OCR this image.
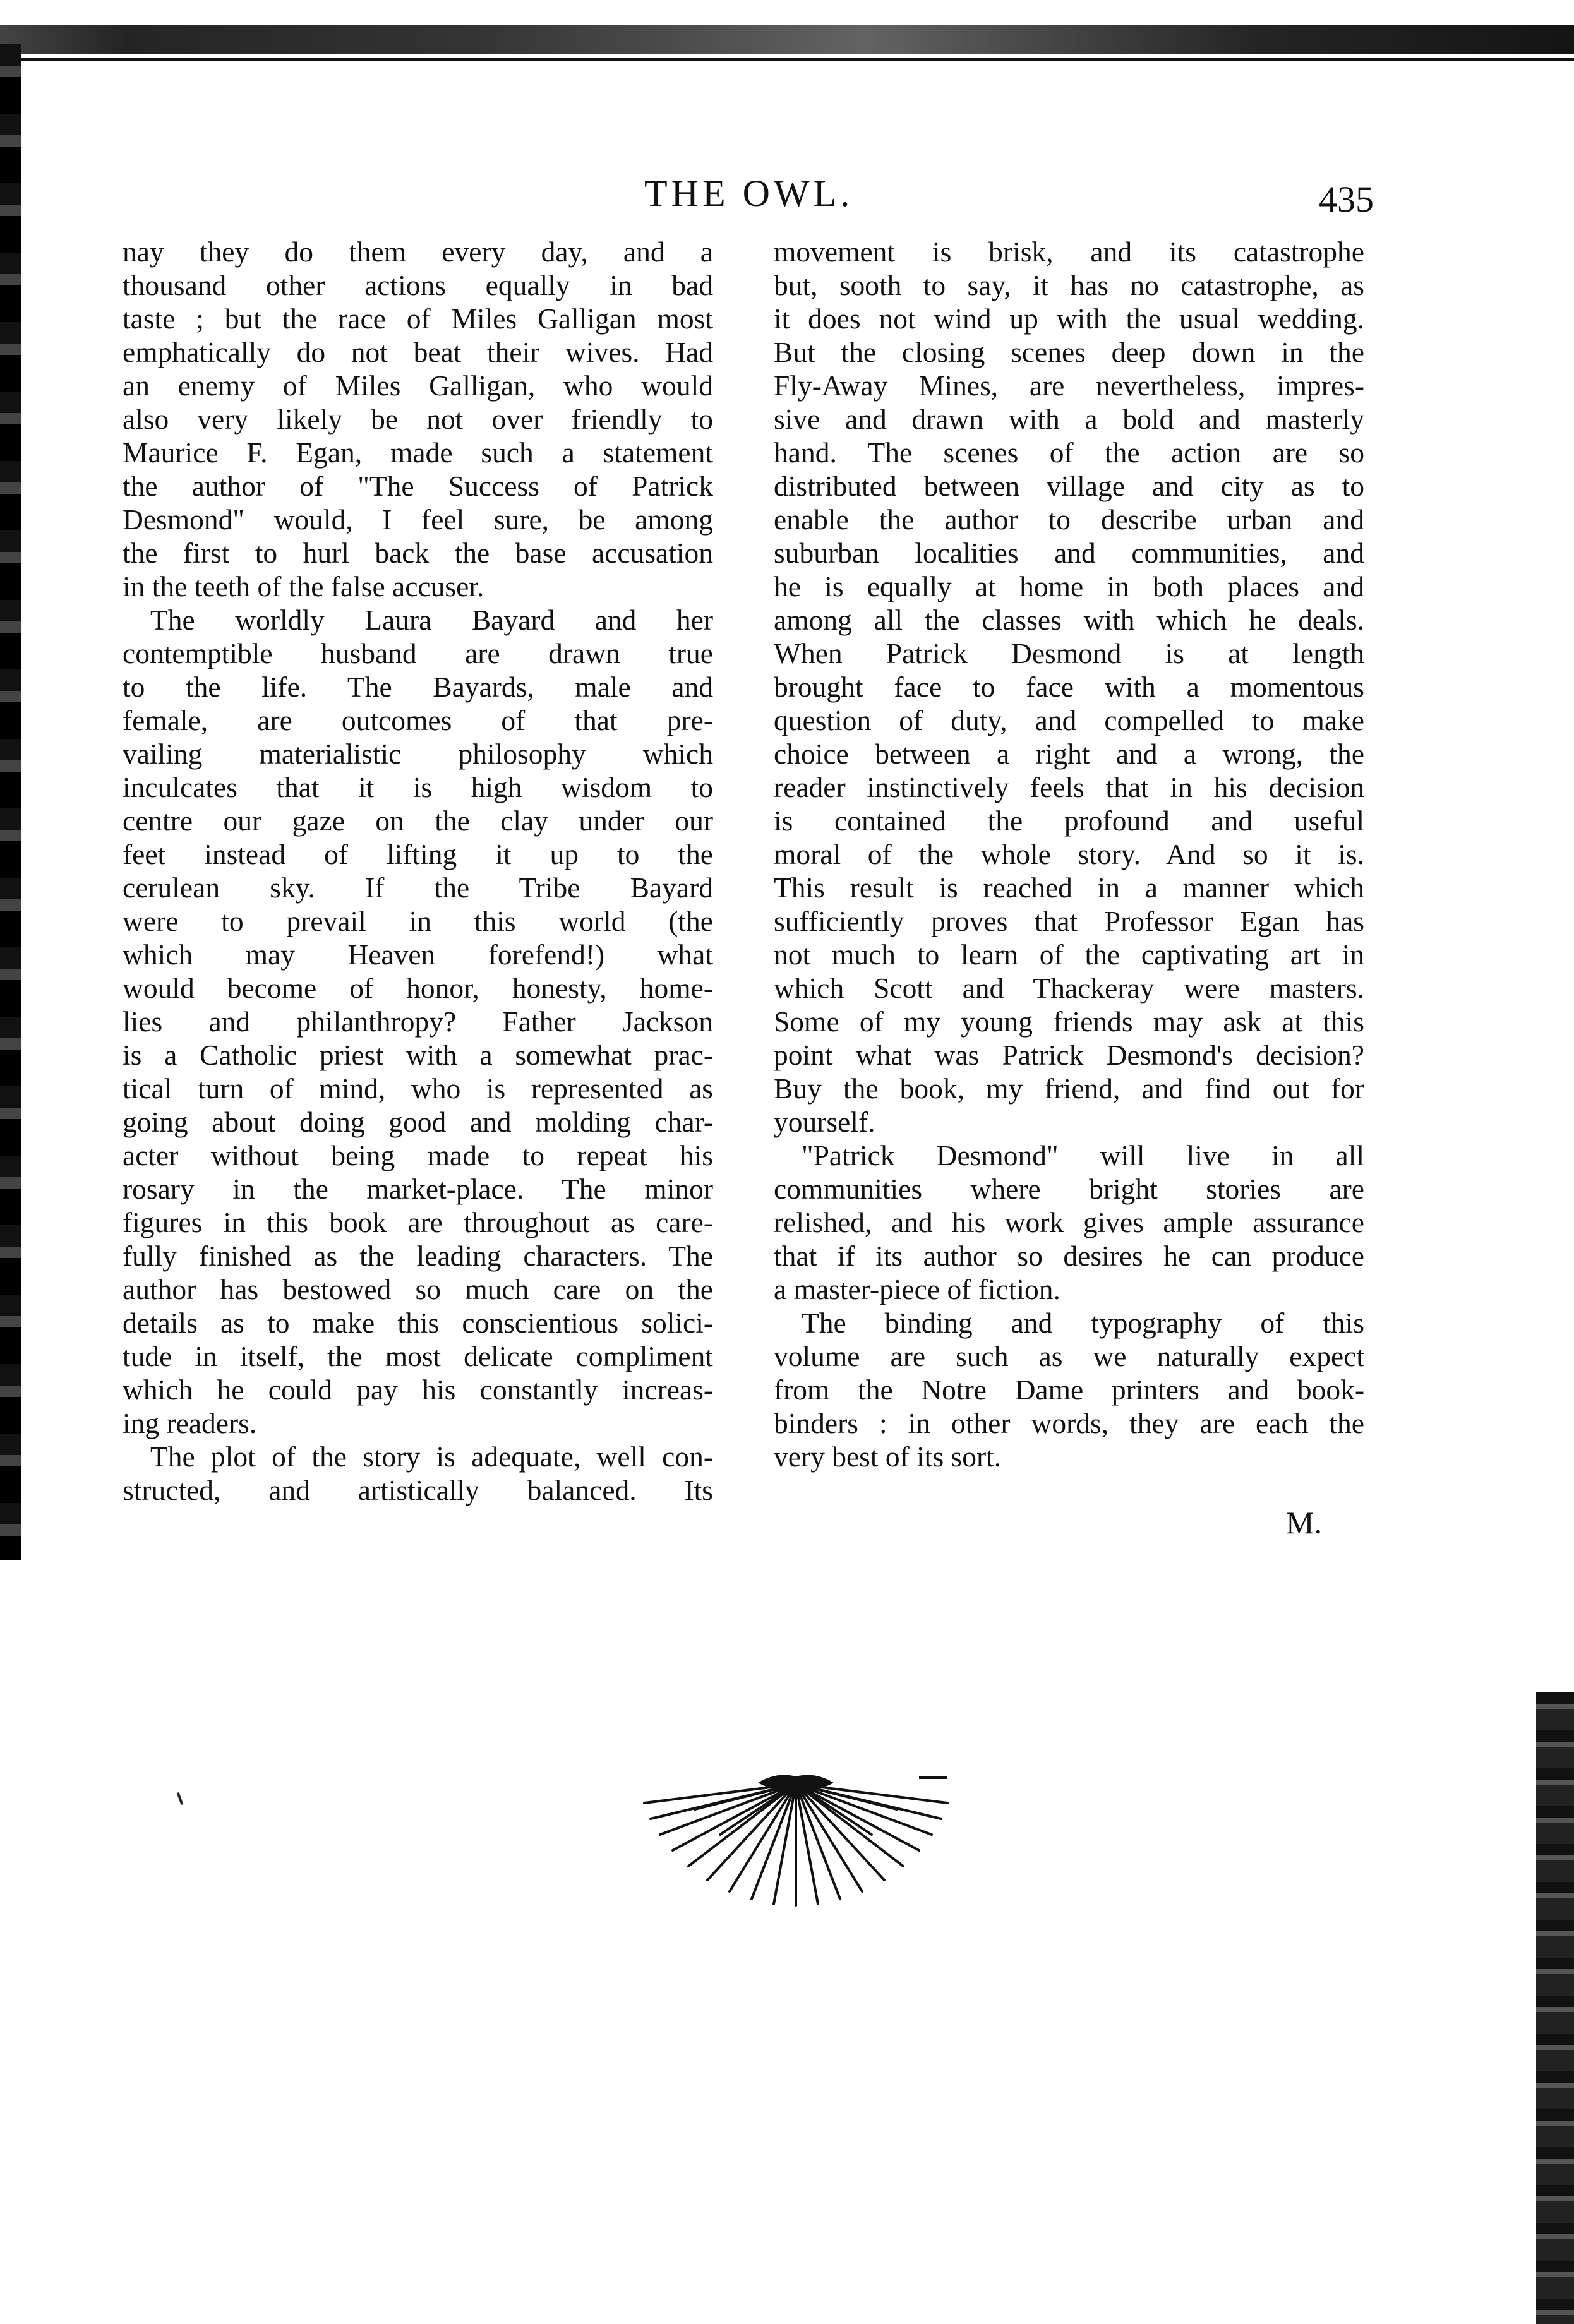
THE OWL.	435
nay they do them every day, and a
thousand other actions equally in bad
taste ; but the race of Miles Galligan most
emphatically do not beat their wives. Had
an enemy of Miles Galligan, who would
also very likely be not over friendly to
Maurice F. Egan, made such a statement
the author of "The Success of Patrick
Desmond" would, I feel sure, be among
the first to hurl back the base accusation
in the teeth of the false accuser.
The worldly Laura Bayard and her
contemptible husband are drawn true
to the life. The Bayards, male and
female, are outcomes of that pre-
vailing materialistic philosophy which
inculcates that it is high wisdom to
centre our gaze on the clay under our
feet instead of lifting it up to the
cerulean sky. If the Tribe Bayard
were to prevail in this world (the
which may Heaven forefend!) what
would become of honor, honesty, home-
lies and philanthropy? Father Jackson
is a Catholic priest with a somewhat prac-
tical turn of mind, who is represented as
going about doing good and molding char-
acter without being made to repeat his
rosary in the market-place. The minor
figures in this book are throughout as care-
fully finished as the leading characters. The
author has bestowed so much care on the
details as to make this conscientious solici-
tude in itself, the most delicate compliment
which he could pay his constantly increas-
ing readers.
The plot of the story is adequate, well con-
structed, and artistically balanced. Its
movement is brisk, and its catastrophe
but, sooth to say, it has no catastrophe, as
it does not wind up with the usual wedding.
But the closing scenes deep down in the
Fly-Away Mines, are nevertheless, impres-
sive and drawn with a bold and masterly
hand. The scenes of the action are so
distributed between village and city as to
enable the author to describe urban and
suburban localities and communities, and
he is equally at home in both places and
among all the classes with which he deals.
When Patrick Desmond is at length
brought face to face with a momentous
question of duty, and compelled to make
choice between a right and a wrong, the
reader instinctively feels that in his decision
is contained the profound and useful
moral of the whole story. And so it is.
This result is reached in a manner which
sufficiently proves that Professor Egan has
not much to learn of the captivating art in
which Scott and Thackeray were masters.
Some of my young friends may ask at this
point what was Patrick Desmond's decision?
Buy the book, my friend, and find out for
yourself.
"Patrick Desmond" will live in all
communities where bright stories are
relished, and his work gives ample assurance
that if its author so desires he can produce
a master-piece of fiction.
The binding and typography of this
volume are such as we naturally expect
from the Notre Dame printers and book-
binders : in other words, they are each the
very best of its sort.
M.
